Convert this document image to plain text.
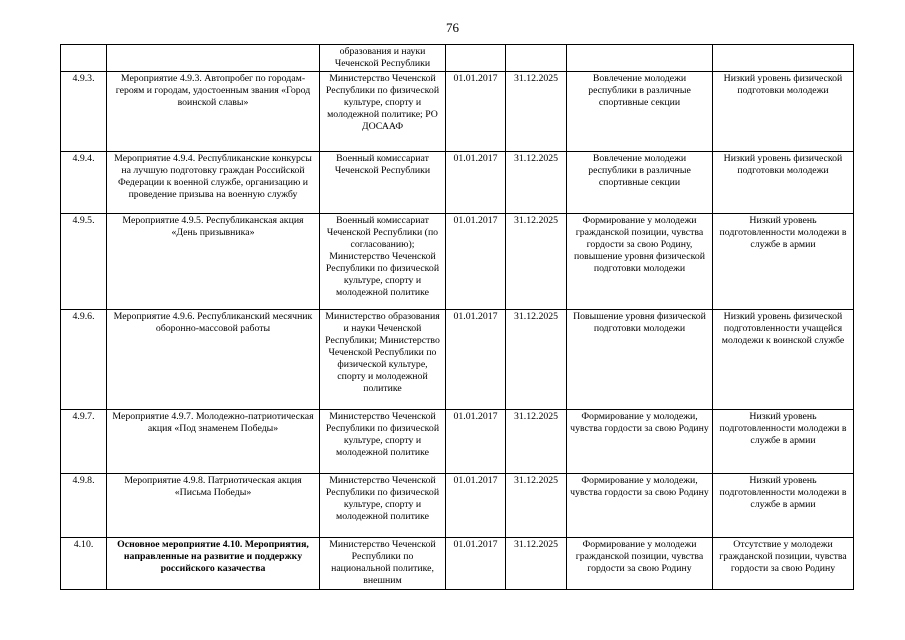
76
		образования и науки Чеченской Республики				
4.9.3.	Мероприятие 4.9.3. Автопробег по городам-героям и городам, удостоенным звания «Город воинской славы»	Министерство Чеченской Республики по физической культуре, спорту и молодежной политике; РО ДОСААФ	01.01.2017	31.12.2025	Вовлечение молодежи республики в различные спортивные секции	Низкий уровень физической подготовки молодежи
4.9.4.	Мероприятие 4.9.4. Республиканские конкурсы на лучшую подготовку граждан Российской Федерации к военной службе, организацию и проведение призыва на военную службу	Военный комиссариат Чеченской Республики	01.01.2017	31.12.2025	Вовлечение молодежи республики в различные спортивные секции	Низкий уровень физической подготовки молодежи
4.9.5.	Мероприятие 4.9.5. Республиканская акция «День призывника»	Военный комиссариат Чеченской Республики (по согласованию); Министерство Чеченской Республики по физической культуре, спорту и молодежной политике	01.01.2017	31.12.2025	Формирование у молодежи гражданской позиции, чувства гордости за свою Родину, повышение уровня физической подготовки молодежи	Низкий уровень подготовленности молодежи в службе в армии
4.9.6.	Мероприятие 4.9.6. Республиканский месячник оборонно-массовой работы	Министерство образования и науки Чеченской Республики; Министерство Чеченской Республики по физической культуре, спорту и молодежной политике	01.01.2017	31.12.2025	Повышение уровня физической подготовки молодежи	Низкий уровень физической подготовленности учащейся молодежи к воинской службе
4.9.7.	Мероприятие 4.9.7. Молодежно-патриотическая акция «Под знаменем Победы»	Министерство Чеченской Республики по физической культуре, спорту и молодежной политике	01.01.2017	31.12.2025	Формирование у молодежи, чувства гордости за свою Родину	Низкий уровень подготовленности молодежи в службе в армии
4.9.8.	Мероприятие 4.9.8. Патриотическая акция «Письма Победы»	Министерство Чеченской Республики по физической культуре, спорту и молодежной политике	01.01.2017	31.12.2025	Формирование у молодежи, чувства гордости за свою Родину	Низкий уровень подготовленности молодежи в службе в армии
4.10.	Основное мероприятие 4.10. Мероприятия, направленные на развитие и поддержку российского казачества	Министерство Чеченской Республики по национальной политике, внешним	01.01.2017	31.12.2025	Формирование у молодежи гражданской позиции, чувства гордости за свою Родину	Отсутствие у молодежи гражданской позиции, чувства гордости за свою Родину
